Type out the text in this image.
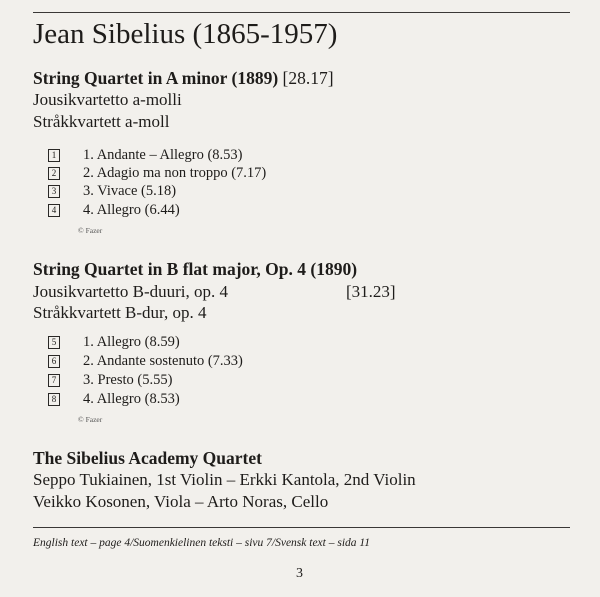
Jean Sibelius (1865-1957)
String Quartet in A minor (1889) [28.17]
Jousikvartetto a-molli
Stråkkvartett a-moll
1 1. Andante – Allegro (8.53)
2 2. Adagio ma non troppo (7.17)
3 3. Vivace (5.18)
4 4. Allegro (6.44)
© Fazer
String Quartet in B flat major, Op. 4 (1890)
Jousikvartetto B-duuri, op. 4	[31.23]
Stråkkvartett B-dur, op. 4
5 1. Allegro (8.59)
6 2. Andante sostenuto (7.33)
7 3. Presto (5.55)
8 4. Allegro (8.53)
© Fazer
The Sibelius Academy Quartet
Seppo Tukiainen, 1st Violin – Erkki Kantola, 2nd Violin
Veikko Kosonen, Viola – Arto Noras, Cello
English text – page 4/Suomenkielinen teksti – sivu 7/Svensk text – sida 11
3
